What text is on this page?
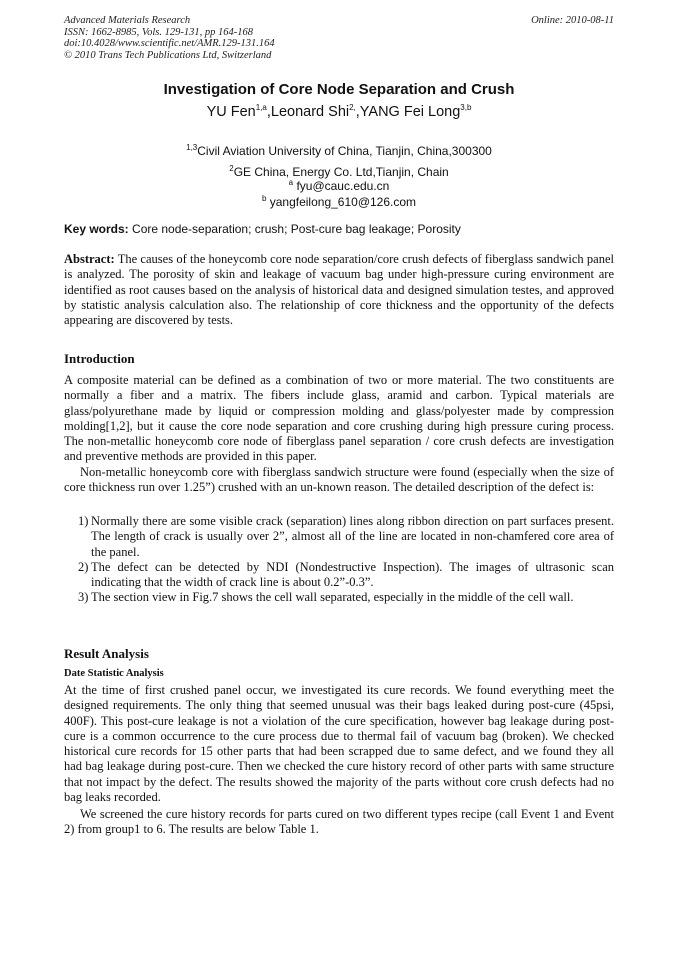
Advanced Materials Research
ISSN: 1662-8985, Vols. 129-131, pp 164-168
doi:10.4028/www.scientific.net/AMR.129-131.164
© 2010 Trans Tech Publications Ltd, Switzerland
Online: 2010-08-11
Investigation of Core Node Separation and Crush
YU Fen$^{1,a}$,Leonard Shi$^{2,}$,YANG Fei Long$^{3,b}$
$^{1,3}$Civil Aviation University of China, Tianjin, China,300300
$^2$GE China, Energy Co. Ltd,Tianjin, Chain
$^a$ fyu@cauc.edu.cn
$^b$ yangfeilong_610@126.com
Key words: Core node-separation; crush; Post-cure bag leakage; Porosity
Abstract: The causes of the honeycomb core node separation/core crush defects of fiberglass sandwich panel is analyzed. The porosity of skin and leakage of vacuum bag under high-pressure curing environment are identified as root causes based on the analysis of historical data and designed simulation testes, and approved by statistic analysis calculation also. The relationship of core thickness and the opportunity of the defects appearing are discovered by tests.
Introduction
A composite material can be defined as a combination of two or more material. The two constituents are normally a fiber and a matrix. The fibers include glass, aramid and carbon. Typical materials are glass/polyurethane made by liquid or compression molding and glass/polyester made by compression molding[1,2], but it cause the core node separation and core crushing during high pressure curing process. The non-metallic honeycomb core node of fiberglass panel separation / core crush defects are investigation and preventive methods are provided in this paper.
Non-metallic honeycomb core with fiberglass sandwich structure were found (especially when the size of core thickness run over 1.25”) crushed with an un-known reason. The detailed description of the defect is:
1) Normally there are some visible crack (separation) lines along ribbon direction on part surfaces present. The length of crack is usually over 2”, almost all of the line are located in non-chamfered core area of the panel.
2) The defect can be detected by NDI (Nondestructive Inspection). The images of ultrasonic scan indicating that the width of crack line is about 0.2”-0.3”.
3) The section view in Fig.7 shows the cell wall separated, especially in the middle of the cell wall.
Result Analysis
Date Statistic Analysis
At the time of first crushed panel occur, we investigated its cure records. We found everything meet the designed requirements. The only thing that seemed unusual was their bags leaked during post-cure (45psi, 400F). This post-cure leakage is not a violation of the cure specification, however bag leakage during post-cure is a common occurrence to the cure process due to thermal fail of vacuum bag (broken). We checked historical cure records for 15 other parts that had been scrapped due to same defect, and we found they all had bag leakage during post-cure. Then we checked the cure history record of other parts with same structure that not impact by the defect. The results showed the majority of the parts without core crush defects had no bag leaks recorded.
We screened the cure history records for parts cured on two different types recipe (call Event 1 and Event 2) from group1 to 6. The results are below Table 1.
